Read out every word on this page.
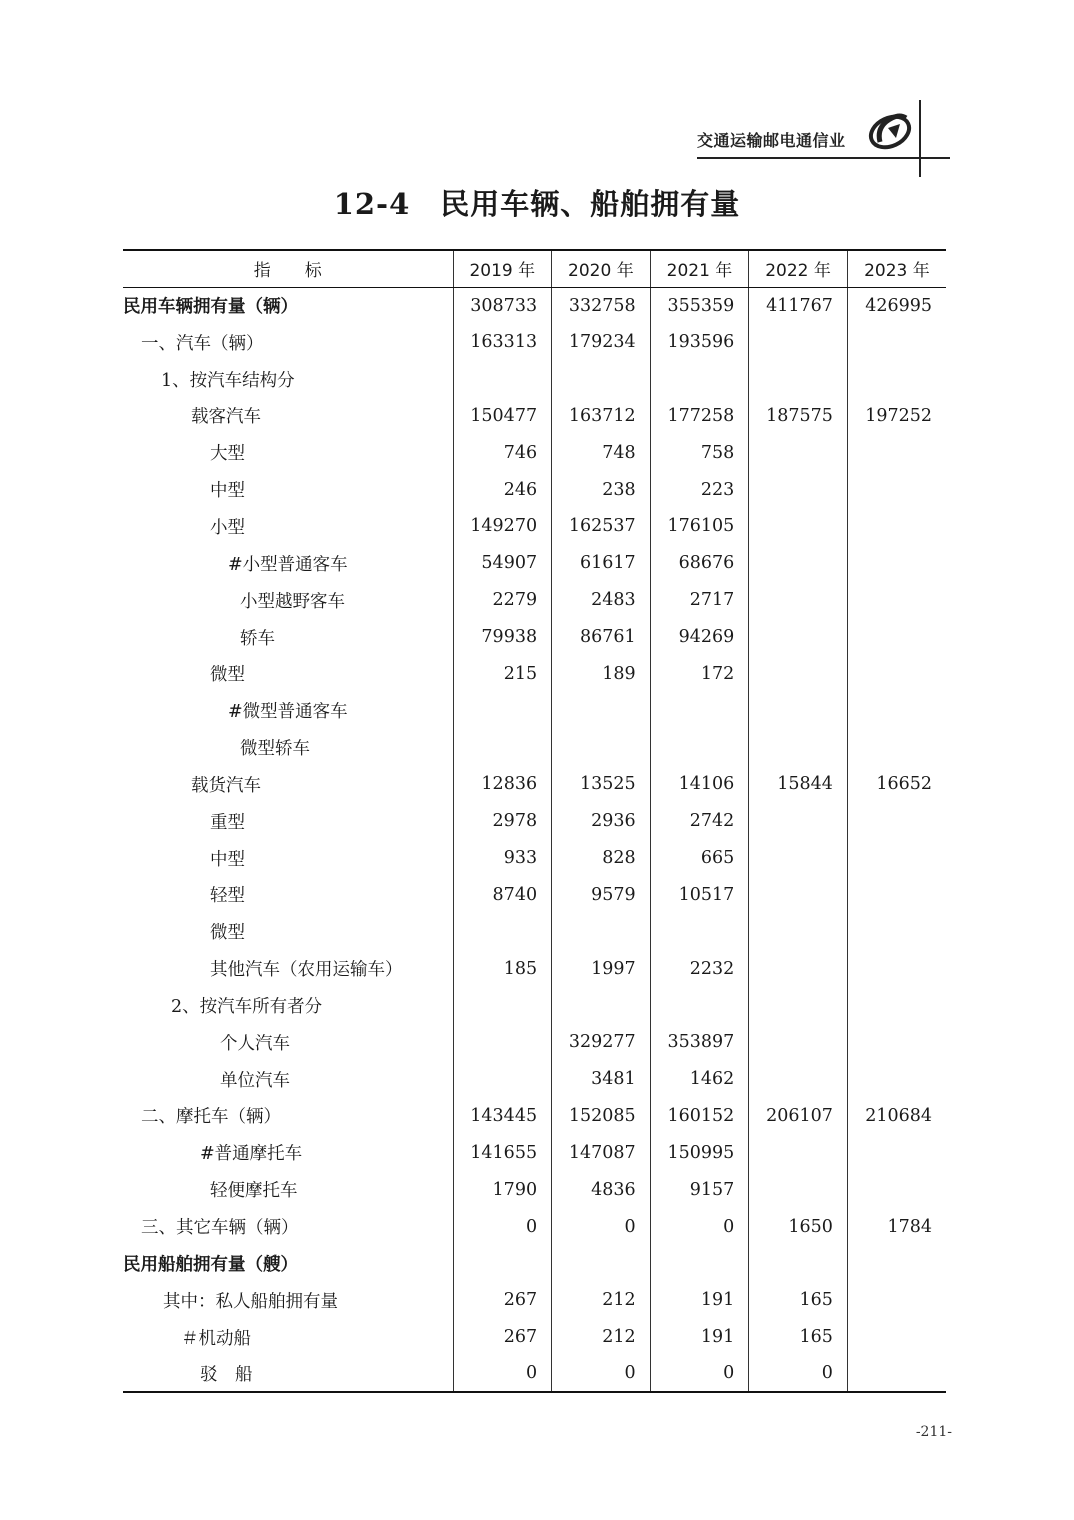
交通运输邮电通信业
12-4　民用车辆、船舶拥有量
指　　标	2019 年	2020 年	2021 年	2022 年	2023 年
民用车辆拥有量（辆）	308733	332758	355359	411767	426995
一、汽车（辆）	163313	179234	193596		
1、按汽车结构分					
载客汽车	150477	163712	177258	187575	197252
大型	746	748	758		
中型	246	238	223		
小型	149270	162537	176105		
#小型普通客车	54907	61617	68676		
小型越野客车	2279	2483	2717		
轿车	79938	86761	94269		
微型	215	189	172		
#微型普通客车					
微型轿车					
载货汽车	12836	13525	14106	15844	16652
重型	2978	2936	2742		
中型	933	828	665		
轻型	8740	9579	10517		
微型					
其他汽车（农用运输车）	185	1997	2232		
2、按汽车所有者分					
个人汽车		329277	353897		
单位汽车		3481	1462		
二、摩托车（辆）	143445	152085	160152	206107	210684
#普通摩托车	141655	147087	150995		
轻便摩托车	1790	4836	9157		
三、其它车辆（辆）	0	0	0	1650	1784
民用船舶拥有量（艘）					
其中：私人船舶拥有量	267	212	191	165	
＃机动船	267	212	191	165	
驳　船	0	0	0	0	
-211-
